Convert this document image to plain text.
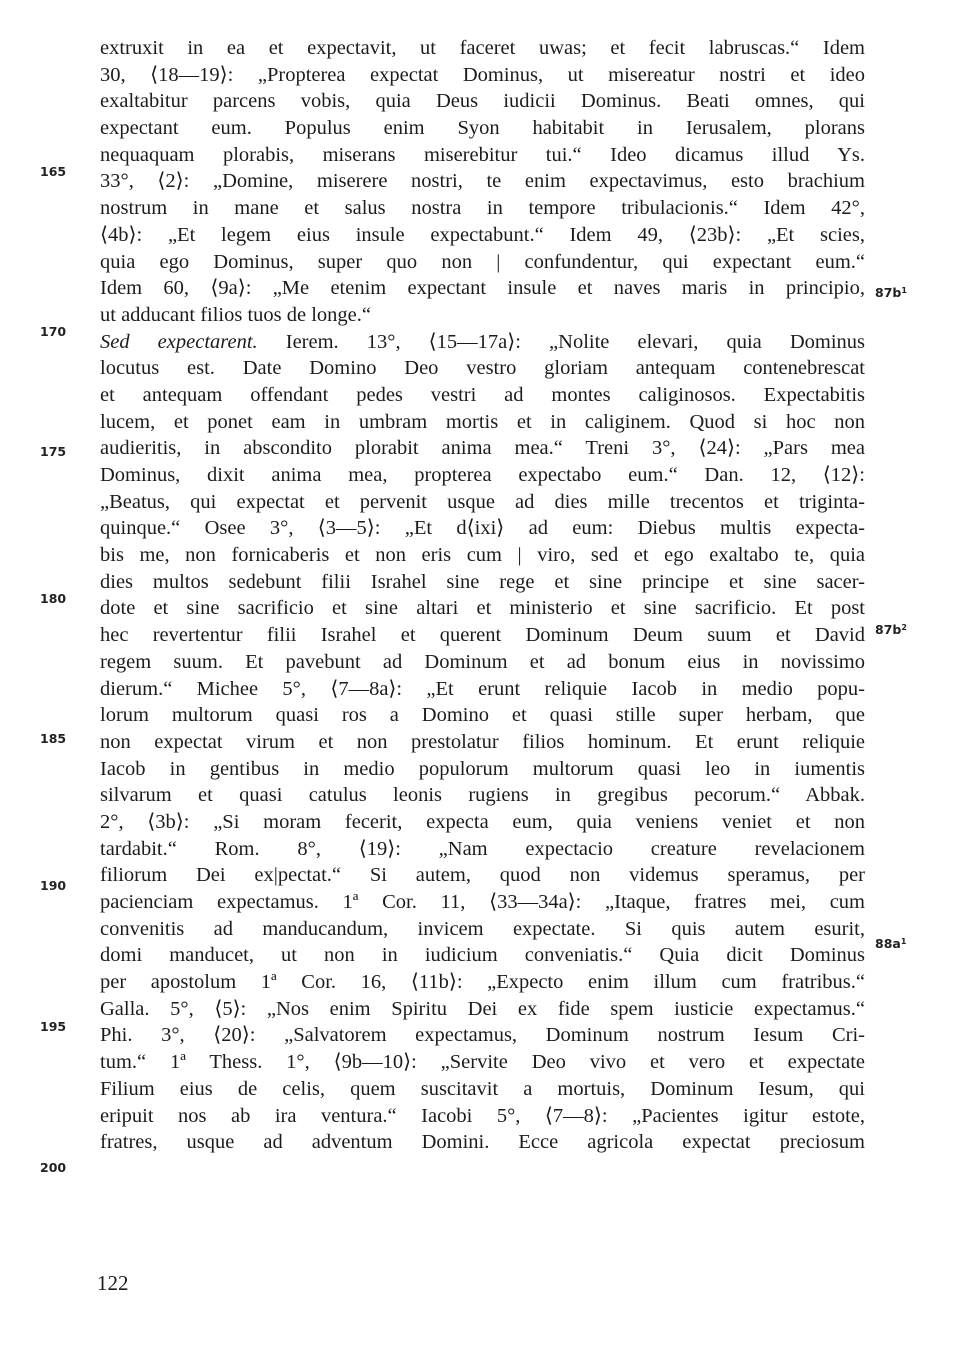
extruxit in ea et expectavit, ut faceret uwas; et fecit labruscas.“ Idem
30, ⟨18—19⟩: „Propterea expectat Dominus, ut misereatur nostri et ideo
exaltabitur parcens vobis, quia Deus iudicii Dominus. Beati omnes, qui
expectant eum. Populus enim Syon habitabit in Ierusalem, plorans
nequaquam plorabis, miserans miserebitur tui.“ Ideo dicamus illud Ys.
33°, ⟨2⟩: „Domine, miserere nostri, te enim expectavimus, esto brachium
nostrum in mane et salus nostra in tempore tribulacionis.“ Idem 42°,
⟨4b⟩: „Et legem eius insule expectabunt.“ Idem 49, ⟨23b⟩: „Et scies,
quia ego Dominus, super quo non | confundentur, qui expectant eum.“
Idem 60, ⟨9a⟩: „Me etenim expectant insule et naves maris in principio,
ut adducant filios tuos de longe.“
Sed expectarent. Ierem. 13°, ⟨15—17a⟩: „Nolite elevari, quia Dominus
locutus est. Date Domino Deo vestro gloriam antequam contenebrescat
et antequam offendant pedes vestri ad montes caliginosos. Expectabitis
lucem, et ponet eam in umbram mortis et in caliginem. Quod si hoc non
audieritis, in abscondito plorabit anima mea.“ Treni 3°, ⟨24⟩: „Pars mea
Dominus, dixit anima mea, propterea expectabo eum.“ Dan. 12, ⟨12⟩:
„Beatus, qui expectat et pervenit usque ad dies mille trecentos et triginta-
quinque.“ Osee 3°, ⟨3—5⟩: „Et d⟨ixi⟩ ad eum: Diebus multis expecta-
bis me, non fornicaberis et non eris cum | viro, sed et ego exaltabo te, quia
dies multos sedebunt filii Israhel sine rege et sine principe et sine sacer-
dote et sine sacrificio et sine altari et ministerio et sine sacrificio. Et post
hec revertentur filii Israhel et querent Dominum Deum suum et David
regem suum. Et pavebunt ad Dominum et ad bonum eius in novissimo
dierum.“ Michee 5°, ⟨7—8a⟩: „Et erunt reliquie Iacob in medio popu-
lorum multorum quasi ros a Domino et quasi stille super herbam, que
non expectat virum et non prestolatur filios hominum. Et erunt reliquie
Iacob in gentibus in medio populorum multorum quasi leo in iumentis
silvarum et quasi catulus leonis rugiens in gregibus pecorum.“ Abbak.
2°, ⟨3b⟩: „Si moram fecerit, expecta eum, quia veniens veniet et non
tardabit.“ Rom. 8°, ⟨19⟩: „Nam expectacio creature revelacionem
filiorum Dei ex|pectat.“ Si autem, quod non videmus speramus, per
pacienciam expectamus. 1ª Cor. 11, ⟨33—34a⟩: „Itaque, fratres mei, cum
convenitis ad manducandum, invicem expectate. Si quis autem esurit,
domi manducet, ut non in iudicium conveniatis.“ Quia dicit Dominus
per apostolum 1ª Cor. 16, ⟨11b⟩: „Expecto enim illum cum fratribus.“
Galla. 5°, ⟨5⟩: „Nos enim Spiritu Dei ex fide spem iusticie expectamus.“
Phi. 3°, ⟨20⟩: „Salvatorem expectamus, Dominum nostrum Iesum Cri-
tum.“ 1ª Thess. 1°, ⟨9b—10⟩: „Servite Deo vivo et vero et expectate
Filium eius de celis, quem suscitavit a mortuis, Dominum Iesum, qui
eripuit nos ab ira ventura.“ Iacobi 5°, ⟨7—8⟩: „Pacientes igitur estote,
fratres, usque ad adventum Domini. Ecce agricola expectat preciosum
165
170
175
180
185
190
195
200
$87b^1$
$87b^2$
$88a^1$
122
